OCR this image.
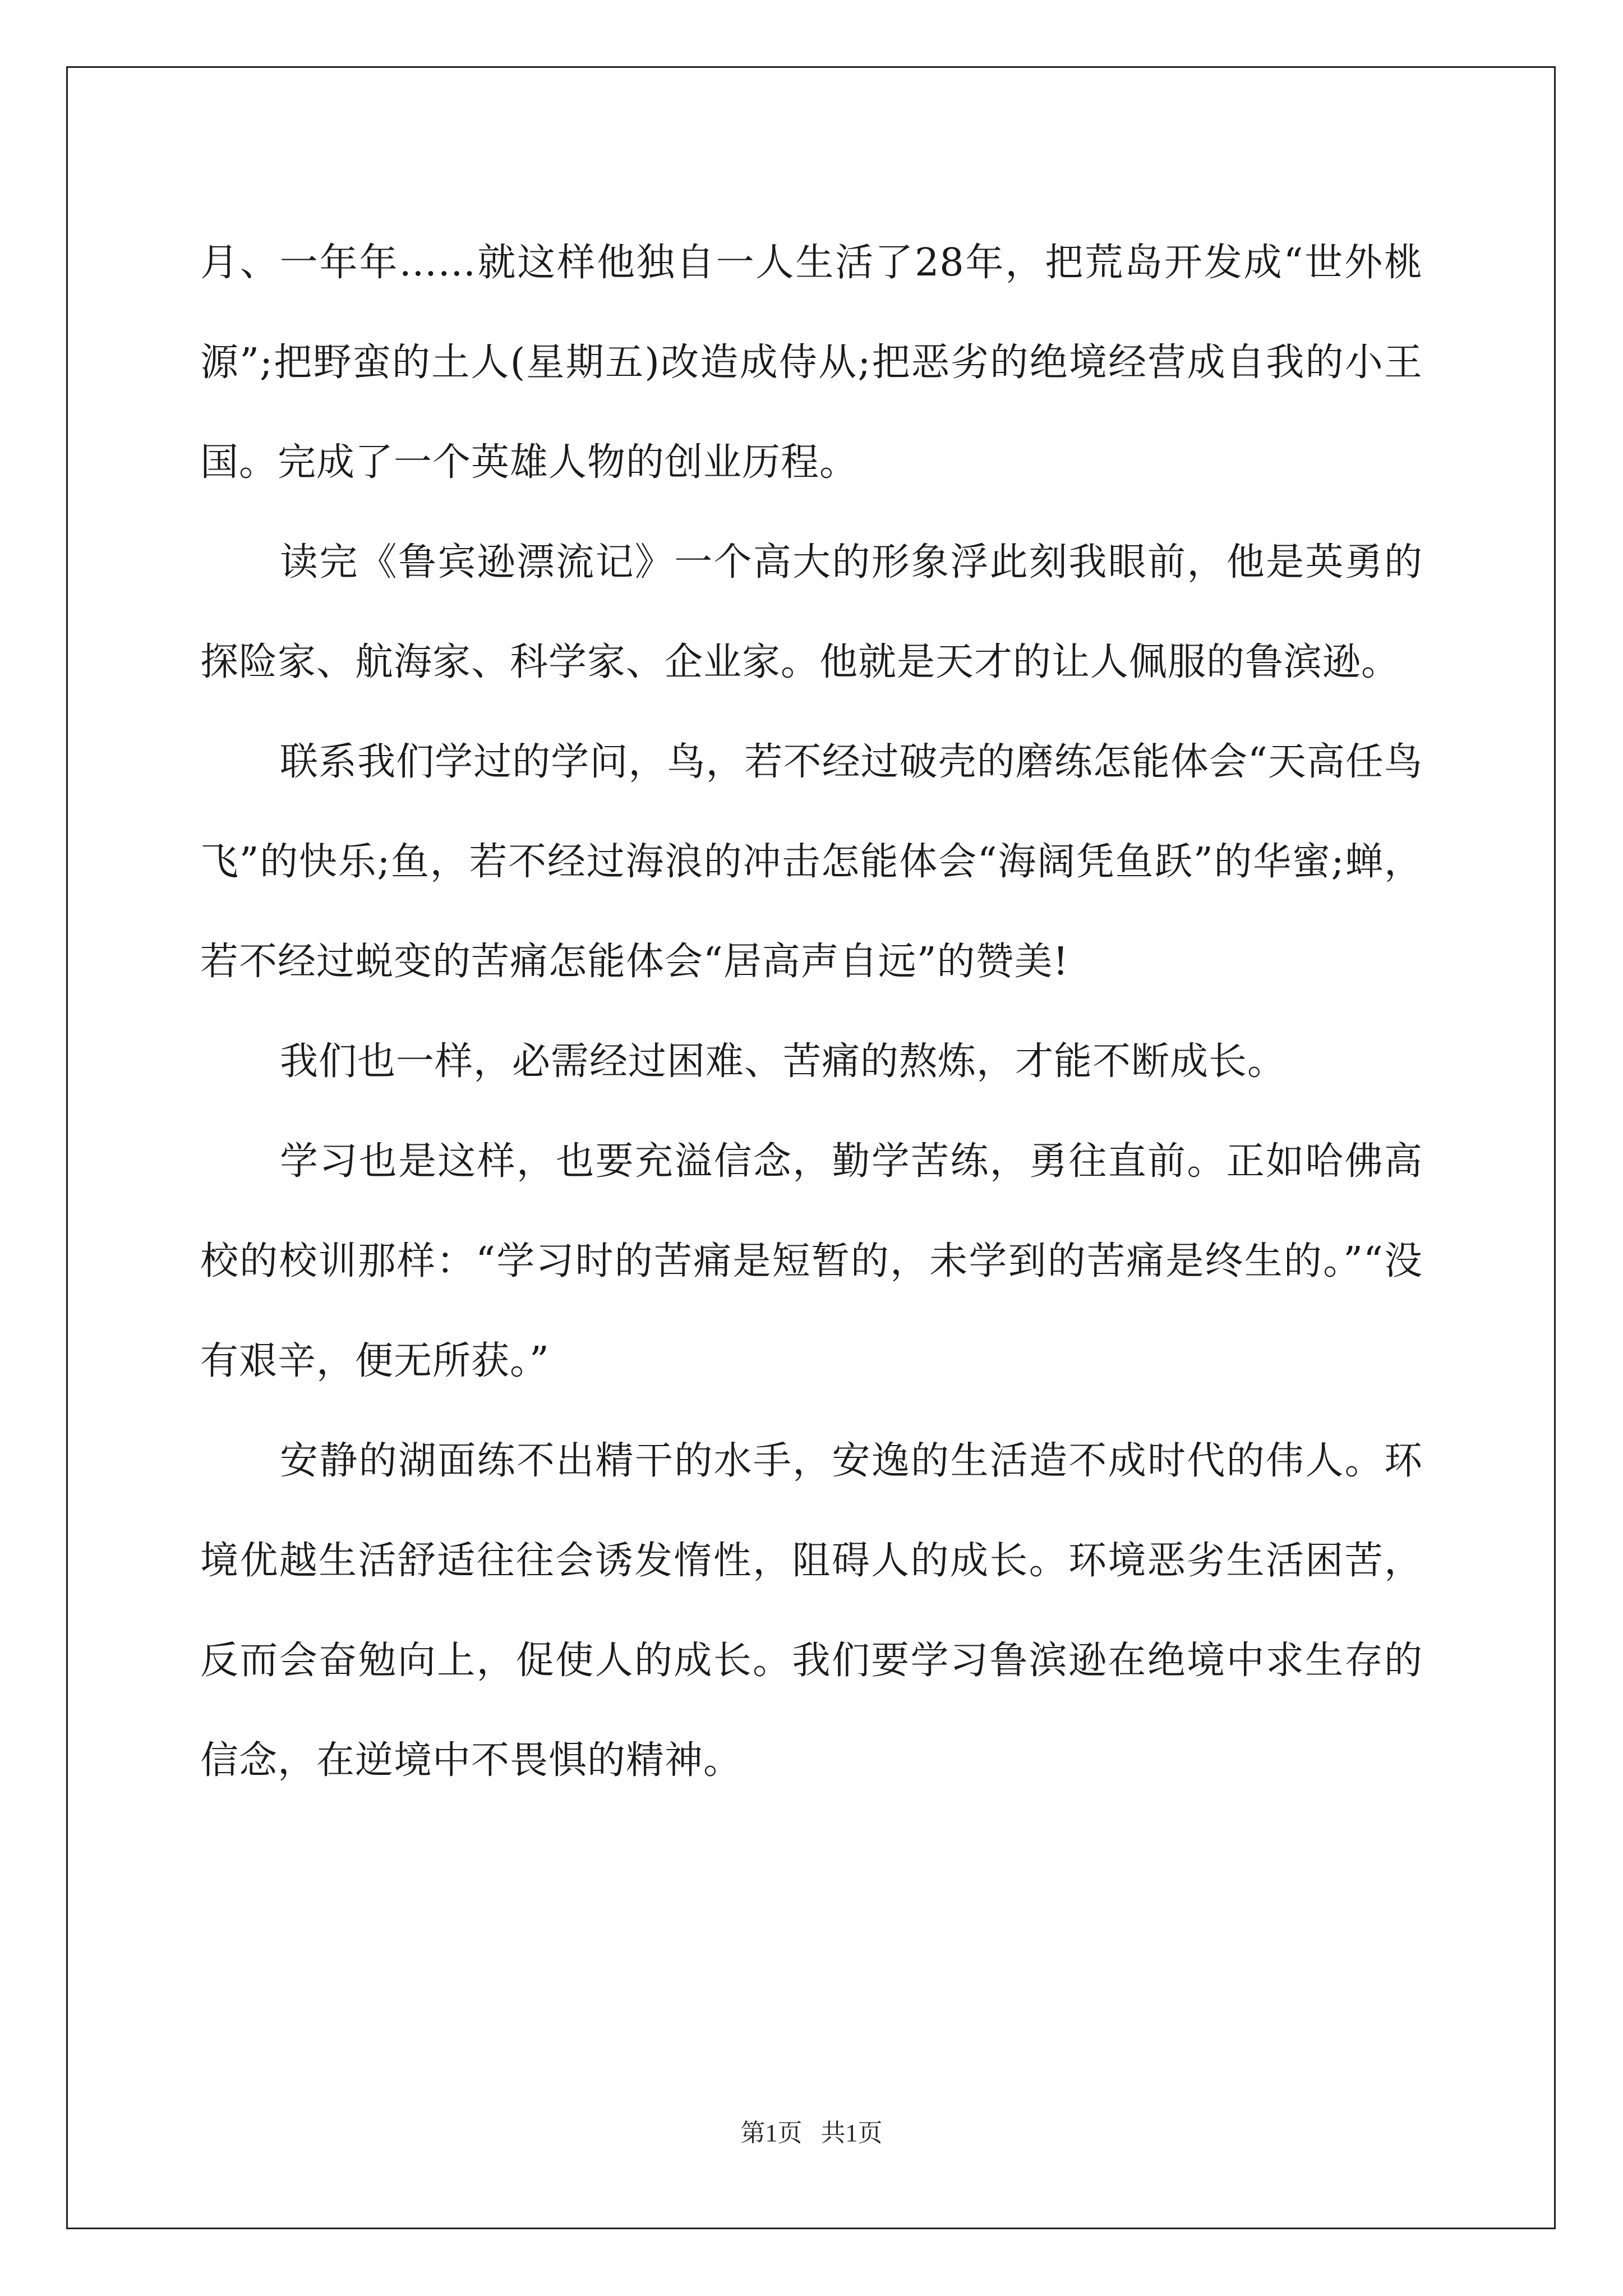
月、一年年……就这样他独自一人生活了28年，把荒岛开发成“世外桃源”;把野蛮的土人(星期五)改造成侍从;把恶劣的绝境经营成自我的小王国。完成了一个英雄人物的创业历程。

读完《鲁宾逊漂流记》一个高大的形象浮此刻我眼前，他是英勇的探险家、航海家、科学家、企业家。他就是天才的让人佩服的鲁滨逊。

联系我们学过的学问，鸟，若不经过破壳的磨练怎能体会“天高任鸟飞”的快乐;鱼，若不经过海浪的冲击怎能体会“海阔凭鱼跃”的华蜜;蝉，若不经过蜕变的苦痛怎能体会“居高声自远”的赞美!

我们也一样，必需经过困难、苦痛的熬炼，才能不断成长。

学习也是这样，也要充溢信念，勤学苦练，勇往直前。正如哈佛高校的校训那样：“学习时的苦痛是短暂的，未学到的苦痛是终生的。”“没有艰辛，便无所获。”

安静的湖面练不出精干的水手，安逸的生活造不成时代的伟人。环境优越生活舒适往往会诱发惰性，阻碍人的成长。环境恶劣生活困苦，反而会奋勉向上，促使人的成长。我们要学习鲁滨逊在绝境中求生存的信念，在逆境中不畏惧的精神。

第1页   共1页
